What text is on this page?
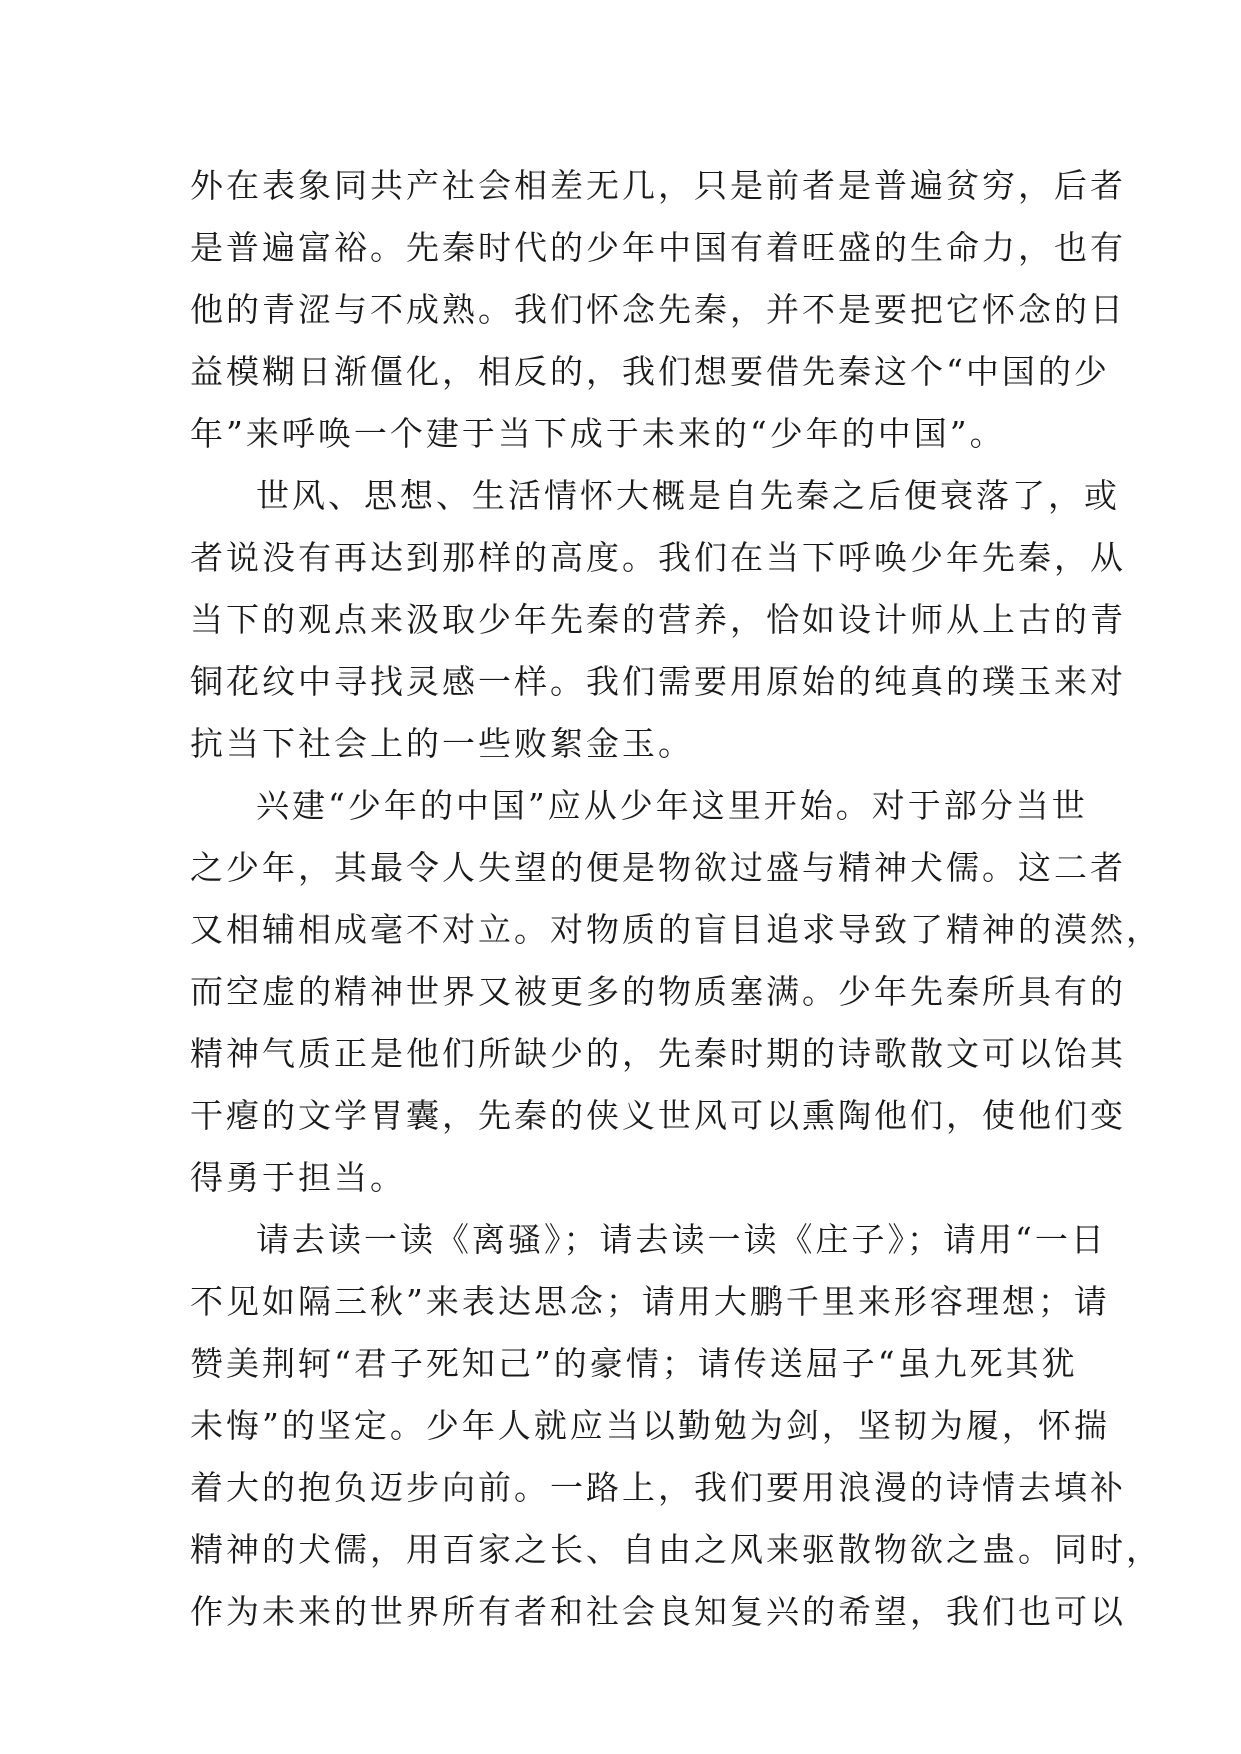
外在表象同共产社会相差无几，只是前者是普遍贫穷，后者
是普遍富裕。先秦时代的少年中国有着旺盛的生命力，也有
他的青涩与不成熟。我们怀念先秦，并不是要把它怀念的日
益模糊日渐僵化，相反的，我们想要借先秦这个“中国的少
年”来呼唤一个建于当下成于未来的“少年的中国”。
世风、思想、生活情怀大概是自先秦之后便衰落了，或
者说没有再达到那样的高度。我们在当下呼唤少年先秦，从
当下的观点来汲取少年先秦的营养，恰如设计师从上古的青
铜花纹中寻找灵感一样。我们需要用原始的纯真的璞玉来对
抗当下社会上的一些败絮金玉。
兴建“少年的中国”应从少年这里开始。对于部分当世
之少年，其最令人失望的便是物欲过盛与精神犬儒。这二者
又相辅相成毫不对立。对物质的盲目追求导致了精神的漠然，
而空虚的精神世界又被更多的物质塞满。少年先秦所具有的
精神气质正是他们所缺少的，先秦时期的诗歌散文可以饴其
干瘪的文学胃囊，先秦的侠义世风可以熏陶他们，使他们变
得勇于担当。
请去读一读《离骚》；请去读一读《庄子》；请用“一日
不见如隔三秋”来表达思念；请用大鹏千里来形容理想；请
赞美荆轲“君子死知己”的豪情；请传送屈子“虽九死其犹
未悔”的坚定。少年人就应当以勤勉为剑，坚韧为履，怀揣
着大的抱负迈步向前。一路上，我们要用浪漫的诗情去填补
精神的犬儒，用百家之长、自由之风来驱散物欲之蛊。同时，
作为未来的世界所有者和社会良知复兴的希望，我们也可以
